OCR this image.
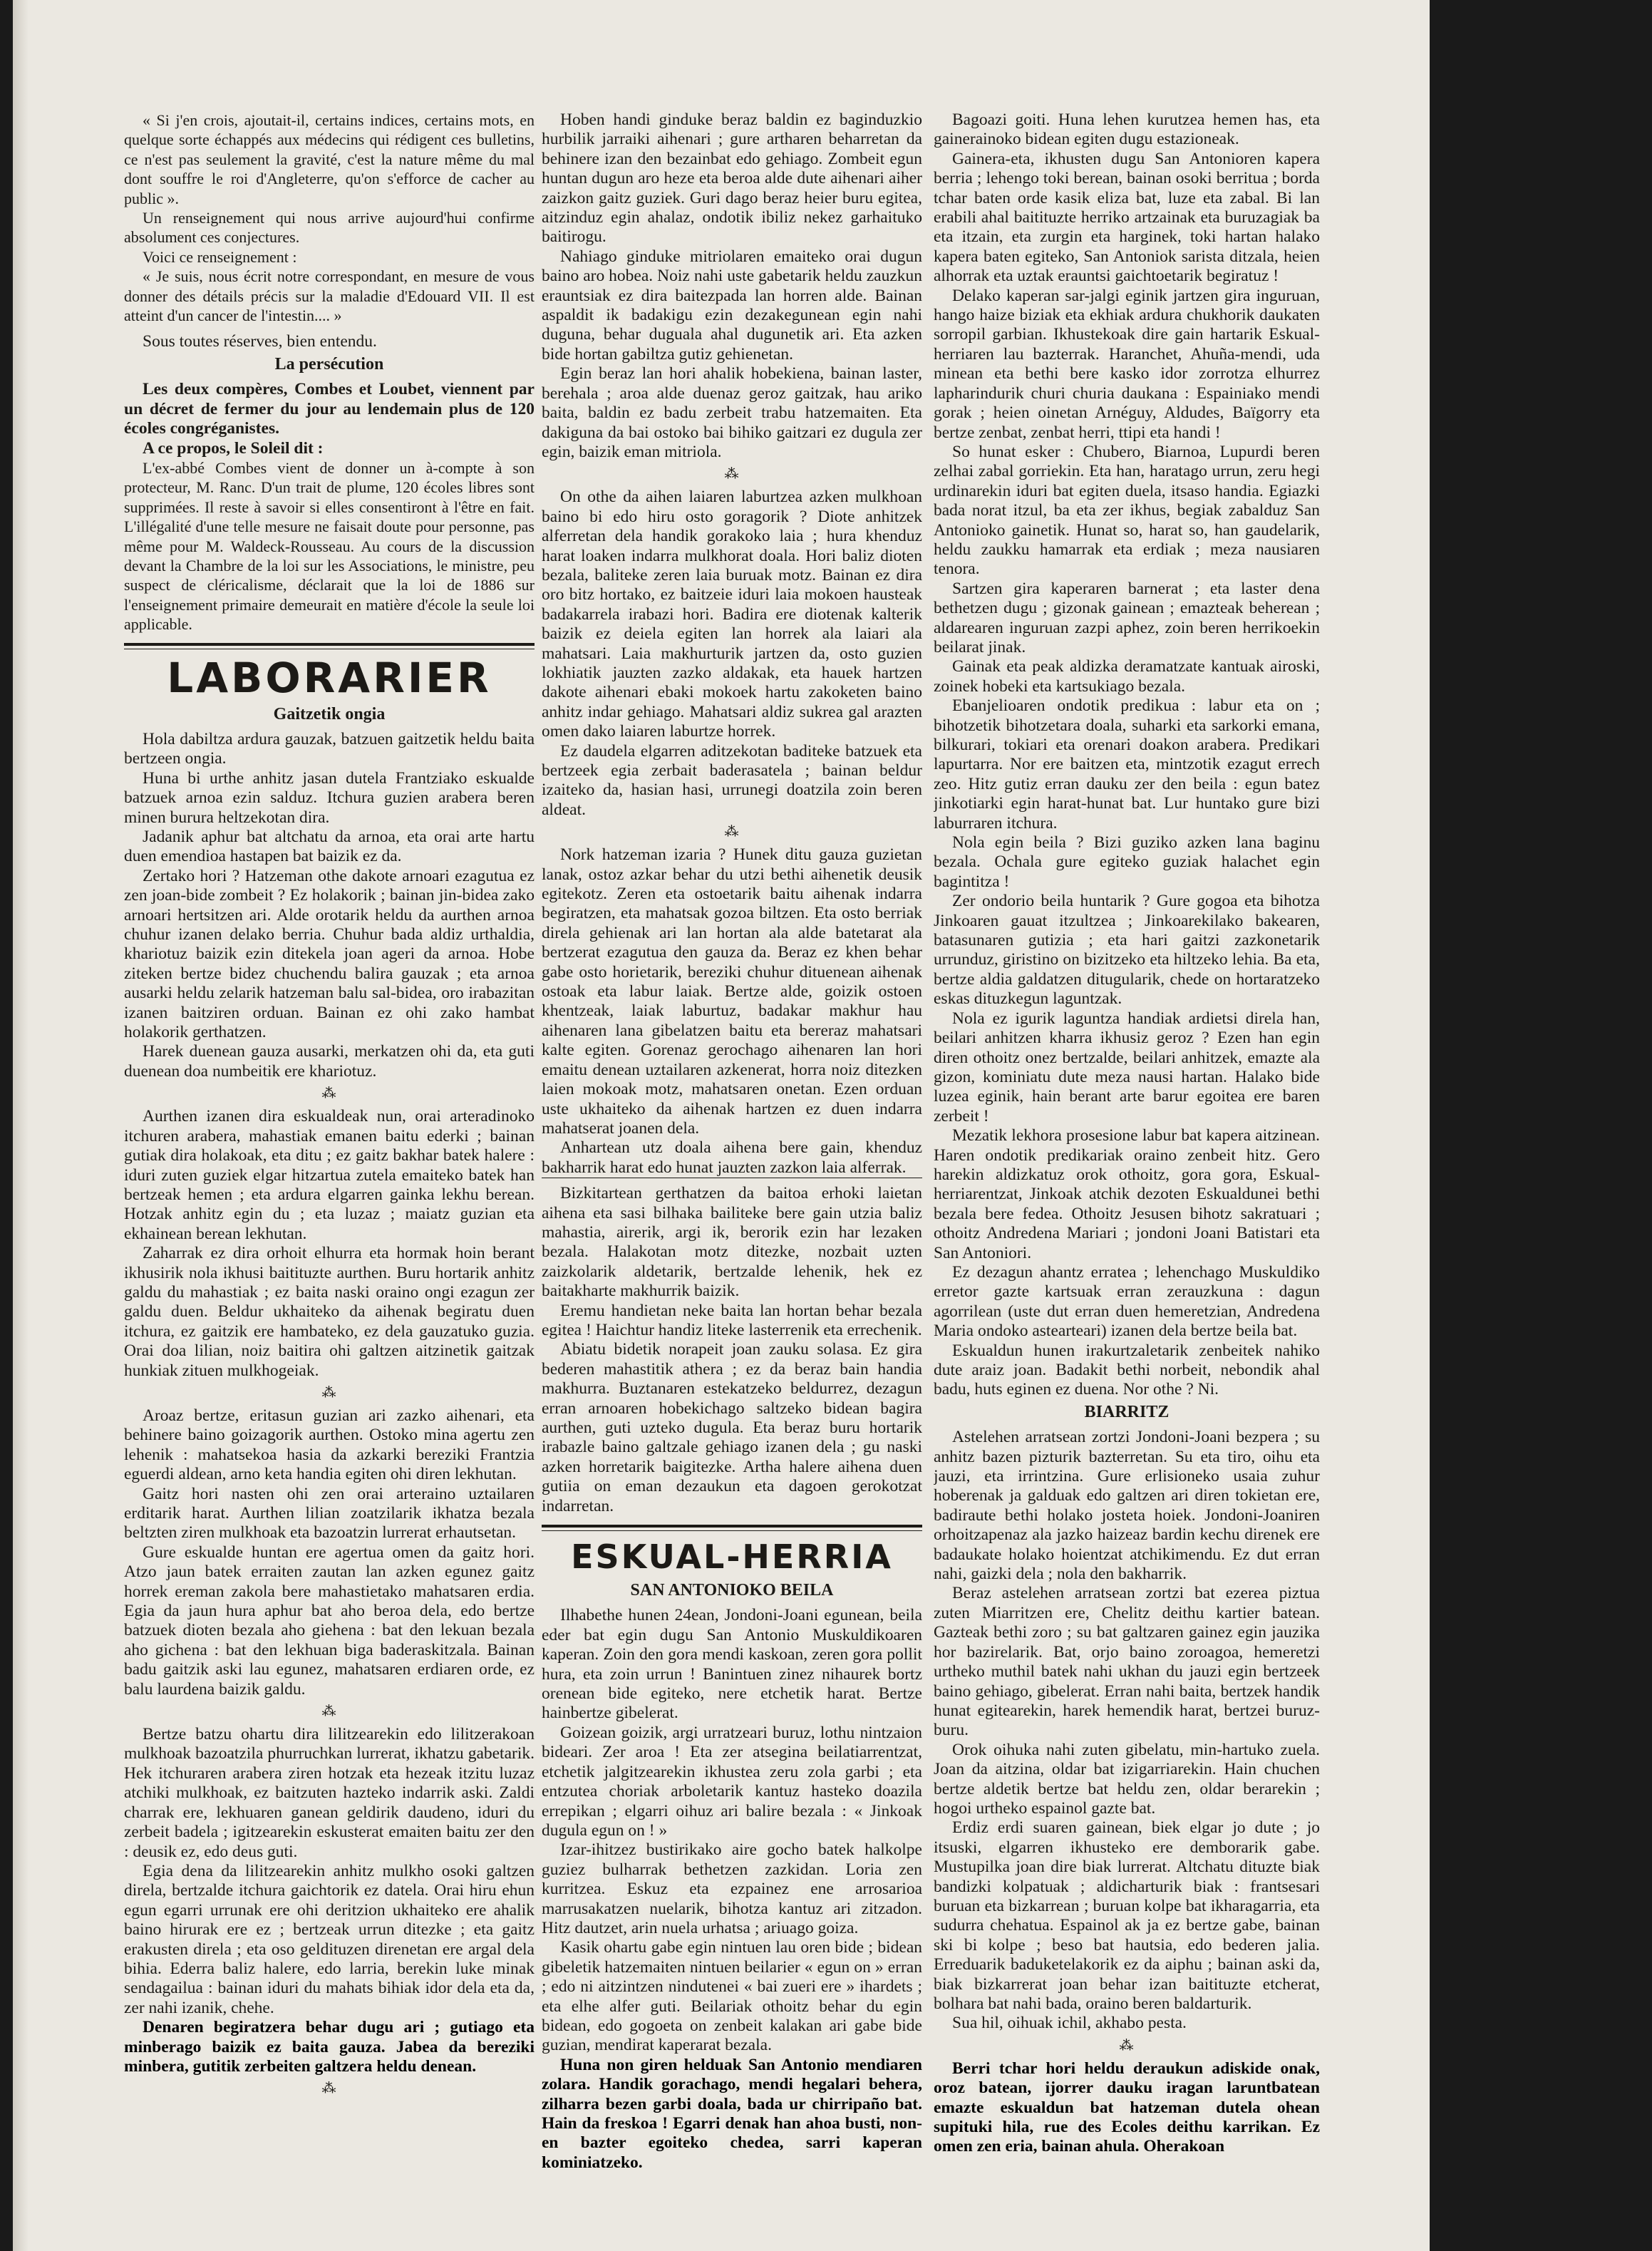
« Si j'en crois, ajoutait-il, certains indices, certains mots, en quelque sorte échappés aux médecins qui rédigent ces bulletins, ce n'est pas seulement la gravité, c'est la nature même du mal dont souffre le roi d'Angleterre, qu'on s'efforce de cacher au public ».

Un renseignement qui nous arrive aujourd'hui confirme absolument ces conjectures.

Voici ce renseignement :

« Je suis, nous écrit notre correspondant, en mesure de vous donner des détails précis sur la maladie d'Edouard VII. Il est atteint d'un cancer de l'intestin.... »

Sous toutes réserves, bien entendu.

La persécution

Les deux compères, Combes et Loubet, viennent par un décret de fermer du jour au lendemain plus de 120 écoles congréganistes.

A ce propos, le Soleil dit :

L'ex-abbé Combes vient de donner un à-compte à son protecteur, M. Ranc. D'un trait de plume, 120 écoles libres sont supprimées. Il reste à savoir si elles consentiront à l'être en fait. L'illégalité d'une telle mesure ne faisait doute pour personne, pas même pour M. Waldeck-Rousseau. Au cours de la discussion devant la Chambre de la loi sur les Associations, le ministre, peu suspect de cléricalisme, déclarait que la loi de 1886 sur l'enseignement primaire demeurait en matière d'école la seule loi applicable.

LABORARIER
Gaitzetik ongia

Hola dabiltza ardura gauzak, batzuen gaitzetik heldu baita bertzeen ongia.

Huna bi urthe anhitz jasan dutela Frantziako eskualde batzuek arnoa ezin salduz. Itchura guzien arabera beren minen burura heltzekotan dira.

Jadanik aphur bat altchatu da arnoa, eta orai arte hartu duen emendioa hastapen bat baizik ez da.

Zertako hori ? Hatzeman othe dakote arnoari ezagutua ez zen joan-bide zombeit ? Ez holakorik ; bainan jin-bidea zako arnoari hertsitzen ari. Alde orotarik heldu da aurthen arnoa chuhur izanen delako berria. Chuhur bada aldiz urthaldia, khariotuz baizik ezin ditekela joan ageri da arnoa. Hobe ziteken bertze bidez chuchendu balira gauzak ; eta arnoa ausarki heldu zelarik hatzeman balu sal-bidea, oro irabazitan izanen baitziren orduan. Bainan ez ohi zako hambat holakorik gerthatzen.

Harek duenean gauza ausarki, merkatzen ohi da, eta guti duenean doa numbeitik ere khariotuz.

⁂

Aurthen izanen dira eskualdeak nun, orai arteradinoko itchuren arabera, mahastiak emanen baitu ederki ; bainan gutiak dira holakoak, eta ditu ; ez gaitz bakhar batek halere : iduri zuten guziek elgar hitzartua zutela emaiteko batek han bertzeak hemen ; eta ardura elgarren gainka lekhu berean. Hotzak anhitz egin du ; eta luzaz ; maiatz guzian eta ekhainean berean lekhutan.

Zaharrak ez dira orhoit elhurra eta hormak hoin berant ikhusirik nola ikhusi baitituzte aurthen. Buru hortarik anhitz galdu du mahastiak ; ez baita naski oraino ongi ezagun zer galdu duen. Beldur ukhaiteko da aihenak begiratu duen itchura, ez gaitzik ere hambateko, ez dela gauzatuko guzia. Orai doa lilian, noiz baitira ohi galtzen aitzinetik gaitzak hunkiak zituen mulkhogeiak.

⁂

Aroaz bertze, eritasun guzian ari zazko aihenari, eta behinere baino goizagorik aurthen. Ostoko mina agertu zen lehenik : mahatsekoa hasia da azkarki bereziki Frantzia eguerdi aldean, arno keta handia egiten ohi diren lekhutan.

Gaitz hori nasten ohi zen orai arteraino uztailaren erditarik harat. Aurthen lilian zoatzilarik ikhatza bezala beltzten ziren mulkhoak eta bazoatzin lurrerat erhautsetan.

Gure eskualde huntan ere agertua omen da gaitz hori. Atzo jaun batek erraiten zautan lan azken egunez gaitz horrek ereman zakola bere mahastietako mahatsaren erdia. Egia da jaun hura aphur bat aho beroa dela, edo bertze batzuek dioten bezala aho giehena : bat den lekuan bezala aho gichena : bat den lekhuan biga baderaskitzala. Bainan badu gaitzik aski lau egunez, mahatsaren erdiaren orde, ez balu laurdena baizik galdu.

⁂

Bertze batzu ohartu dira lilitzearekin edo lilitzerakoan mulkhoak bazoatzila phurruchkan lurrerat, ikhatzu gabetarik. Hek itchuraren arabera ziren hotzak eta hezeak itzitu luzaz atchiki mulkhoak, ez baitzuten hazteko indarrik aski. Zaldi charrak ere, lekhuaren ganean geldirik daudeno, iduri du zerbeit badela ; igitzearekin eskusterat emaiten baitu zer den : deusik ez, edo deus guti.

Egia dena da lilitzearekin anhitz mulkho osoki galtzen direla, bertzalde itchura gaichtorik ez datela. Orai hiru ehun egun egarri urrunak ere ohi deritzion ukhaiteko ere ahalik baino hirurak ere ez ; bertzeak urrun ditezke ; eta gaitz erakusten direla ; eta oso geldituzen direnetan ere argal dela bihia. Ederra baliz halere, edo larria, berekin luke minak sendagailua : bainan iduri du mahats bihiak idor dela eta da, zer nahi izanik, chehe.

Denaren begiratzera behar dugu ari ; gutiago eta minberago baizik ez baita gauza. Jabea da bereziki minbera, gutitik zerbeiten galtzera heldu denean.

⁂

Hoben handi ginduke beraz baldin ez baginduzkio hurbilik jarraiki aihenari ; gure artharen beharretan da behinere izan den bezainbat edo gehiago. Zombeit egun huntan dugun aro heze eta beroa alde dute aihenari aiher zaizkon gaitz guziek. Guri dago beraz heier buru egitea, aitzinduz egin ahalaz, ondotik ibiliz nekez garhaituko baitirogu.

Nahiago ginduke mitriolaren emaiteko orai dugun baino aro hobea. Noiz nahi uste gabetarik heldu zauzkun erauntsiak ez dira baitezpada lan horren alde. Bainan aspaldit ik badakigu ezin dezakegunean egin nahi duguna, behar duguala ahal dugunetik ari. Eta azken bide hortan gabiltza gutiz gehienetan.

Egin beraz lan hori ahalik hobekiena, bainan laster, berehala ; aroa alde duenaz geroz gaitzak, hau ariko baita, baldin ez badu zerbeit trabu hatzemaiten. Eta dakiguna da bai ostoko bai bihiko gaitzari ez dugula zer egin, baizik eman mitriola.

⁂

On othe da aihen laiaren laburtzea azken mulkhoan baino bi edo hiru osto goragorik ? Diote anhitzek alferretan dela handik gorakoko laia ; hura khenduz harat loaken indarra mulkhorat doala. Hori baliz dioten bezala, baliteke zeren laia buruak motz. Bainan ez dira oro bitz hortako, ez baitzeie iduri laia mokoen hausteak badakarrela irabazi hori. Badira ere diotenak kalterik baizik ez deiela egiten lan horrek ala laiari ala mahatsari. Laia makhurturik jartzen da, osto guzien lokhiatik jauzten zazko aldakak, eta hauek hartzen dakote aihenari ebaki mokoek hartu zakoketen baino anhitz indar gehiago. Mahatsari aldiz sukrea gal arazten omen dako laiaren laburtze horrek.

Ez daudela elgarren aditzekotan baditeke batzuek eta bertzeek egia zerbait baderasatela ; bainan beldur izaiteko da, hasian hasi, urrunegi doatzila zoin beren aldeat.

⁂

Nork hatzeman izaria ? Hunek ditu gauza guzietan lanak, ostoz azkar behar du utzi bethi aihenetik deusik egitekotz. Zeren eta ostoetarik baitu aihenak indarra begiratzen, eta mahatsak gozoa biltzen. Eta osto berriak direla gehienak ari lan hortan ala alde batetarat ala bertzerat ezagutua den gauza da. Beraz ez khen behar gabe osto horietarik, bereziki chuhur dituenean aihenak ostoak eta labur laiak. Bertze alde, goizik ostoen khentzeak, laiak laburtuz, badakar makhur hau aihenaren lana gibelatzen baitu eta bereraz mahatsari kalte egiten. Gorenaz gerochago aihenaren lan hori emaitu denean uztailaren azkenerat, horra noiz ditezken laien mokoak motz, mahatsaren onetan. Ezen orduan uste ukhaiteko da aihenak hartzen ez duen indarra mahatserat joanen dela.

Anhartean utz doala aihena bere gain, khenduz bakharrik harat edo hunat jauzten zazkon laia alferrak.

Bizkitartean gerthatzen da baitoa erhoki laietan aihena eta sasi bilhaka bailiteke bere gain utzia baliz mahastia, airerik, argi ik, berorik ezin har lezaken bezala. Halakotan motz ditezke, nozbait uzten zaizkolarik aldetarik, bertzalde lehenik, hek ez baitakharte makhurrik baizik.

Eremu handietan neke baita lan hortan behar bezala egitea ! Haichtur handiz liteke lasterrenik eta errechenik.

Abiatu bidetik norapeit joan zauku solasa. Ez gira bederen mahastitik athera ; ez da beraz bain handia makhurra. Buztanaren estekatzeko beldurrez, dezagun erran arnoaren hobekichago saltzeko bidean bagira aurthen, guti uzteko dugula. Eta beraz buru hortarik irabazle baino galtzale gehiago izanen dela ; gu naski azken horretarik baigitezke. Artha halere aihena duen gutiia on eman dezaukun eta dagoen gerokotzat indarretan.

ESKUAL-HERRIA
SAN ANTONIOKO BEILA

Ilhabethe hunen 24ean, Jondoni-Joani egunean, beila eder bat egin dugu San Antonio Muskuldikoaren kaperan. Zoin den gora mendi kaskoan, zeren gora pollit hura, eta zoin urrun ! Banintuen zinez nihaurek bortz orenean bide egiteko, nere etchetik harat. Bertze hainbertze gibelerat.

Goizean goizik, argi urratzeari buruz, lothu nintzaion bideari. Zer aroa ! Eta zer atsegina beilatiarrentzat, etchetik jalgitzearekin ikhustea zeru zola garbi ; eta entzutea choriak arboletarik kantuz hasteko doazila errepikan ; elgarri oihuz ari balire bezala : « Jinkoak dugula egun on ! »

Izar-ihitzez bustirikako aire gocho batek halkolpe guziez bulharrak bethetzen zazkidan. Loria zen kurritzea. Eskuz eta ezpainez ene arrosarioa marrusakatzen nuelarik, bihotza kantuz ari zitzadon. Hitz dautzet, arin nuela urhatsa ; ariuago goiza.

Kasik ohartu gabe egin nintuen lau oren bide ; bidean gibeletik hatzemaiten nintuen beilarier « egun on » erran ; edo ni aitzintzen nindutenei « bai zueri ere » ihardets ; eta elhe alfer guti. Beilariak othoitz behar du egin bidean, edo gogoeta on zenbeit kalakan ari gabe bide guzian, mendirat kaperarat bezala.

Huna non giren helduak San Antonio mendiaren zolara. Handik gorachago, mendi hegalari behera, zilharra bezen garbi doala, bada ur chirripaño bat. Hain da freskoa ! Egarri denak han ahoa busti, non-en bazter egoiteko chedea, sarri kaperan kominiatzeko.

Bagoazi goiti. Huna lehen kurutzea hemen has, eta gainerainoko bidean egiten dugu estazioneak.

Gainera-eta, ikhusten dugu San Antonioren kapera berria ; lehengo toki berean, bainan osoki berritua ; borda tchar baten orde kasik eliza bat, luze eta zabal. Bi lan erabili ahal baitituzte herriko artzainak eta buruzagiak ba eta itzain, eta zurgin eta harginek, toki hartan halako kapera baten egiteko, San Antoniok sarista ditzala, heien alhorrak eta uztak erauntsi gaichtoetarik begiratuz !

Delako kaperan sar-jalgi eginik jartzen gira inguruan, hango haize biziak eta ekhiak ardura chukhorik daukaten sorropil garbian. Ikhustekoak dire gain hartarik Eskual-herriaren lau bazterrak. Haranchet, Ahuña-mendi, uda minean eta bethi bere kasko idor zorrotza elhurrez lapharindurik churi churia daukana : Espainiako mendi gorak ; heien oinetan Arnéguy, Aldudes, Baïgorry eta bertze zenbat, zenbat herri, ttipi eta handi !

So hunat esker : Chubero, Biarnoa, Lupurdi beren zelhai zabal gorriekin. Eta han, haratago urrun, zeru hegi urdinarekin iduri bat egiten duela, itsaso handia. Egiazki bada norat itzul, ba eta zer ikhus, begiak zabalduz San Antonioko gainetik. Hunat so, harat so, han gaudelarik, heldu zaukku hamarrak eta erdiak ; meza nausiaren tenora.

Sartzen gira kaperaren barnerat ; eta laster dena bethetzen dugu ; gizonak gainean ; emazteak beherean ; aldarearen inguruan zazpi aphez, zoin beren herrikoekin beilarat jinak.

Gainak eta peak aldizka deramatzate kantuak airoski, zoinek hobeki eta kartsukiago bezala.

Ebanjelioaren ondotik predikua : labur eta on ; bihotzetik bihotzetara doala, suharki eta sarkorki emana, bilkurari, tokiari eta orenari doakon arabera. Predikari lapurtarra. Nor ere baitzen eta, mintzotik ezagut errech zeo. Hitz gutiz erran dauku zer den beila : egun batez jinkotiarki egin harat-hunat bat. Lur huntako gure bizi laburraren itchura.

Nola egin beila ? Bizi guziko azken lana baginu bezala. Ochala gure egiteko guziak halachet egin bagintitza !

Zer ondorio beila huntarik ? Gure gogoa eta bihotza Jinkoaren gauat itzultzea ; Jinkoarekilako bakearen, batasunaren gutizia ; eta hari gaitzi zazkonetarik urrunduz, giristino on bizitzeko eta hiltzeko lehia. Ba eta, bertze aldia galdatzen ditugularik, chede on hortaratzeko eskas dituzkegun laguntzak.

Nola ez igurik laguntza handiak ardietsi direla han, beilari anhitzen kharra ikhusiz geroz ? Ezen han egin diren othoitz onez bertzalde, beilari anhitzek, emazte ala gizon, kominiatu dute meza nausi hartan. Halako bide luzea eginik, hain berant arte barur egoitea ere baren zerbeit !

Mezatik lekhora prosesione labur bat kapera aitzinean. Haren ondotik predikariak oraino zenbeit hitz. Gero harekin aldizkatuz orok othoitz, gora gora, Eskual-herriarentzat, Jinkoak atchik dezoten Eskualdunei bethi bezala bere fedea. Othoitz Jesusen bihotz sakratuari ; othoitz Andredena Mariari ; jondoni Joani Batistari eta San Antoniori.

Ez dezagun ahantz erratea ; lehenchago Muskuldiko erretor gazte kartsuak erran zerauzkuna : dagun agorrilean (uste dut erran duen hemeretzian, Andredena Maria ondoko astearteari) izanen dela bertze beila bat.

Eskualdun hunen irakurtzaletarik zenbeitek nahiko dute araiz joan. Badakit bethi norbeit, nebondik ahal badu, huts eginen ez duena. Nor othe ? Ni.

BIARRITZ

Astelehen arratsean zortzi Jondoni-Joani bezpera ; su anhitz bazen pizturik bazterretan. Su eta tiro, oihu eta jauzi, eta irrintzina. Gure erlisioneko usaia zuhur hoberenak ja galduak edo galtzen ari diren tokietan ere, badiraute bethi holako josteta hoiek. Jondoni-Joaniren orhoitzapenaz ala jazko haizeaz bardin kechu direnek ere badaukate holako hoientzat atchikimendu. Ez dut erran nahi, gaizki dela ; nola den bakharrik.

Beraz astelehen arratsean zortzi bat ezerea piztua zuten Miarritzen ere, Chelitz deithu kartier batean. Gazteak bethi zoro ; su bat galtzaren gainez egin jauzika hor bazirelarik. Bat, orjo baino zoroagoa, hemeretzi urtheko muthil batek nahi ukhan du jauzi egin bertzeek baino gehiago, gibelerat. Erran nahi baita, bertzek handik hunat egitearekin, harek hemendik harat, bertzei buruz-buru.

Orok oihuka nahi zuten gibelatu, min-hartuko zuela. Joan da aitzina, oldar bat izigarriarekin. Hain chuchen bertze aldetik bertze bat heldu zen, oldar berarekin ; hogoi urtheko espainol gazte bat.

Erdiz erdi suaren gainean, biek elgar jo dute ; jo itsuski, elgarren ikhusteko ere demborarik gabe. Mustupilka joan dire biak lurrerat. Altchatu dituzte biak bandizki kolpatuak ; aldicharturik biak : frantsesari buruan eta bizkarrean ; buruan kolpe bat ikharagarria, eta sudurra chehatua. Espainol ak ja ez bertze gabe, bainan ski bi kolpe ; beso bat hautsia, edo bederen jalia. Erreduarik baduketelakorik ez da aiphu ; bainan aski da, biak bizkarrerat joan behar izan baitituzte etcherat, bolhara bat nahi bada, oraino beren baldarturik.

Sua hil, oihuak ichil, akhabo pesta.

⁂

Berri tchar hori heldu deraukun adiskide onak, oroz batean, ijorrer dauku iragan laruntbatean emazte eskualdun bat hatzeman dutela ohean supituki hila, rue des Ecoles deithu karrikan. Ez omen zen eria, bainan ahula. Oherakoan
